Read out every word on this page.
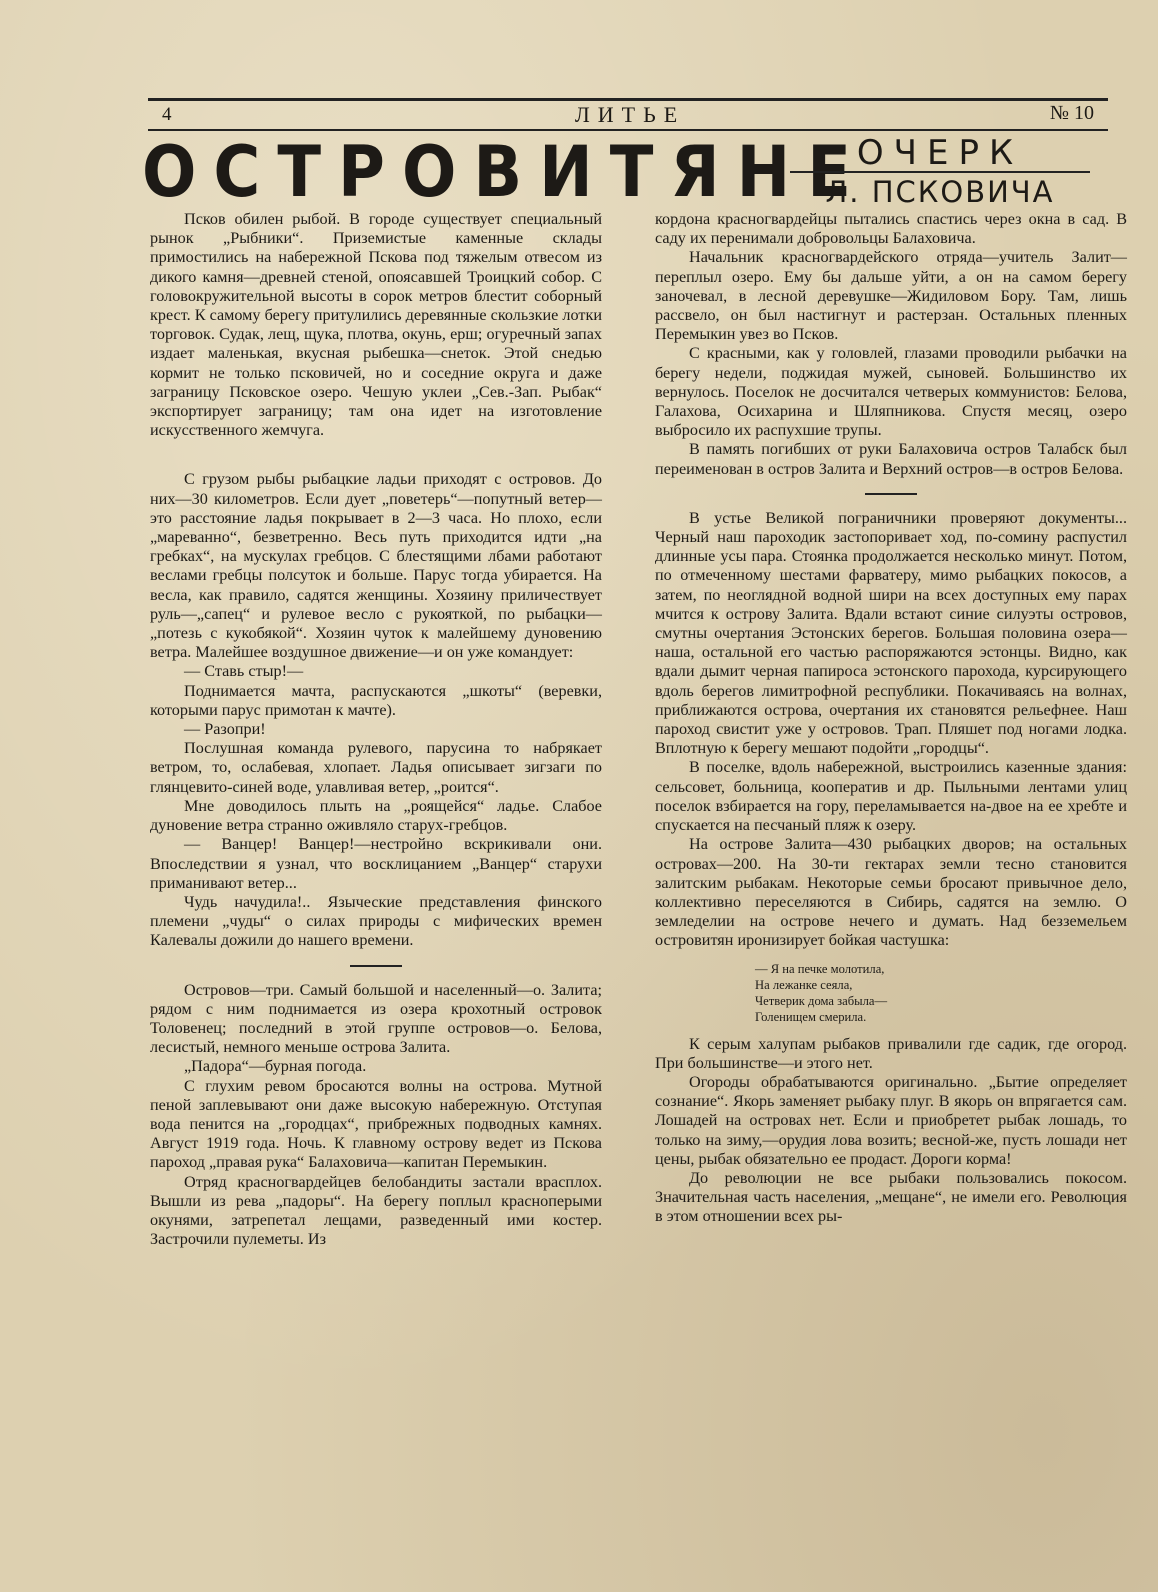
4	ЛИТЬЕ	№ 10
ОСТРОВИТЯНЕ
ОЧЕРК
Л. ПСКОВИЧА

Псков обилен рыбой. В городе существует специальный рынок „Рыбники“. Приземистые каменные склады примостились на набережной Пскова под тяжелым отвесом из дикого камня—древней стеной, опоясавшей Троицкий собор. С головокружительной высоты в сорок метров блестит соборный крест. К самому берегу притулились деревянные скользкие лотки торговок. Судак, лещ, щука, плотва, окунь, ерш; огуречный запах издает маленькая, вкусная рыбешка—снеток. Этой снедью кормит не только псковичей, но и соседние округа и даже заграницу Псковское озеро. Чешую уклеи „Сев.-Зап. Рыбак“ экспортирует заграницу; там она идет на изготовление искусственного жемчуга.

С грузом рыбы рыбацкие ладьи приходят с островов. До них—30 километров. Если дует „поветерь“—попутный ветер—это расстояние ладья покрывает в 2—3 часа. Но плохо, если „мареванно“, безветренно. Весь путь приходится идти „на гребках“, на мускулах гребцов. С блестящими лбами работают веслами гребцы полсуток и больше. Парус тогда убирается. На весла, как правило, садятся женщины. Хозяину приличествует руль—„сапец“ и рулевое весло с рукояткой, по рыбацки—„потезь с кукобякой“. Хозяин чуток к малейшему дуновению ветра. Малейшее воздушное движение—и он уже командует:

— Ставь стыр!—

Поднимается мачта, распускаются „шкоты“ (веревки, которыми парус примотан к мачте).

— Разопри!

Послушная команда рулевого, парусина то набрякает ветром, то, ослабевая, хлопает. Ладья описывает зигзаги по глянцевито-синей воде, улавливая ветер, „роится“.

Мне доводилось плыть на „роящейся“ ладье. Слабое дуновение ветра странно оживляло старух-гребцов.

— Ванцер! Ванцер!—нестройно вскрикивали они. Впоследствии я узнал, что восклицанием „Ванцер“ старухи приманивают ветер...

Чудь начудила!.. Языческие представления финского племени „чуды“ о силах природы с мифических времен Калевалы дожили до нашего времени.

Островов—три. Самый большой и населенный—о. Залита; рядом с ним поднимается из озера крохотный островок Толовенец; последний в этой группе островов—о. Белова, лесистый, немного меньше острова Залита.

„Падора“—бурная погода.

С глухим ревом бросаются волны на острова. Мутной пеной заплевывают они даже высокую набережную. Отступая вода пенится на „городцах“, прибрежных подводных камнях. Август 1919 года. Ночь. К главному острову ведет из Пскова пароход „правая рука“ Балаховича—капитан Перемыкин.

Отряд красногвардейцев белобандиты застали врасплох. Вышли из рева „падоры“. На берегу поплыл красноперыми окунями, затрепетал лещами, разведенный ими костер. Застрочили пулеметы. Из

кордона красногвардейцы пытались спастись через окна в сад. В саду их перенимали добровольцы Балаховича.

Начальник красногвардейского отряда—учитель Залит—переплыл озеро. Ему бы дальше уйти, а он на самом берегу заночевал, в лесной деревушке—Жидиловом Бору. Там, лишь рассвело, он был настигнут и растерзан. Остальных пленных Перемыкин увез во Псков.

С красными, как у головлей, глазами проводили рыбачки на берегу недели, поджидая мужей, сыновей. Большинство их вернулось. Поселок не досчитался четверых коммунистов: Белова, Галахова, Осихарина и Шляпникова. Спустя месяц, озеро выбросило их распухшие трупы.

В память погибших от руки Балаховича остров Талабск был переименован в остров Залита и Верхний остров—в остров Белова.

В устье Великой пограничники проверяют документы... Черный наш пароходик застопоривает ход, по-сомину распустил длинные усы пара. Стоянка продолжается несколько минут. Потом, по отмеченному шестами фарватеру, мимо рыбацких покосов, а затем, по неоглядной водной шири на всех доступных ему парах мчится к острову Залита. Вдали встают синие силуэты островов, смутны очертания Эстонских берегов. Большая половина озера—наша, остальной его частью распоряжаются эстонцы. Видно, как вдали дымит черная папироса эстонского парохода, курсирующего вдоль берегов лимитрофной республики. Покачиваясь на волнах, приближаются острова, очертания их становятся рельефнее. Наш пароход свистит уже у островов. Трап. Пляшет под ногами лодка. Вплотную к берегу мешают подойти „городцы“.

В поселке, вдоль набережной, выстроились казенные здания: сельсовет, больница, кооператив и др. Пыльными лентами улиц поселок взбирается на гору, переламывается на-двое на ее хребте и спускается на песчаный пляж к озеру.

На острове Залита—430 рыбацких дворов; на остальных островах—200. На 30-ти гектарах земли тесно становится залитским рыбакам. Некоторые семьи бросают привычное дело, коллективно переселяются в Сибирь, садятся на землю. О земледелии на острове нечего и думать. Над безземельем островитян иронизирует бойкая частушка:

— Я на печке молотила,
На лежанке сеяла,
Четверик дома забыла—
Голенищем смерила.

К серым халупам рыбаков привалили где садик, где огород. При большинстве—и этого нет.

Огороды обрабатываются оригинально. „Бытие определяет сознание“. Якорь заменяет рыбаку плуг. В якорь он впрягается сам. Лошадей на островах нет. Если и приобретет рыбак лошадь, то только на зиму,—орудия лова возить; весной-же, пусть лошади нет цены, рыбак обязательно ее продаст. Дороги корма!

До революции не все рыбаки пользовались покосом. Значительная часть населения, „мещане“, не имели его. Революция в этом отношении всех ры-
